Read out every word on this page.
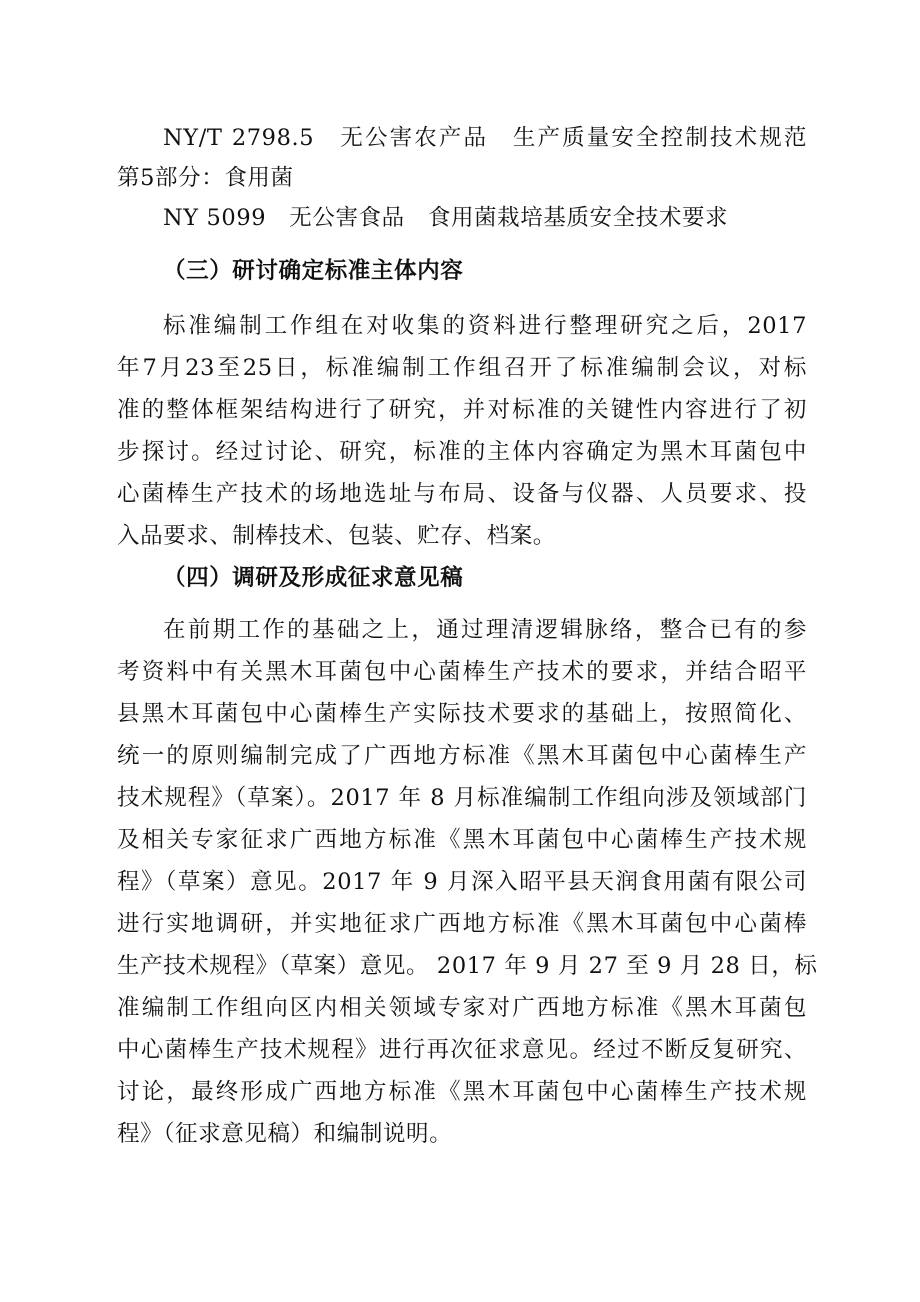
NY/T 2798.5　无公害农产品　生产质量安全控制技术规范
第5部分：食用菌
NY 5099　无公害食品　食用菌栽培基质安全技术要求
（三）研讨确定标准主体内容
标准编制工作组在对收集的资料进行整理研究之后，2017
年7月23至25日，标准编制工作组召开了标准编制会议，对标
准的整体框架结构进行了研究，并对标准的关键性内容进行了初
步探讨。经过讨论、研究，标准的主体内容确定为黑木耳菌包中
心菌棒生产技术的场地选址与布局、设备与仪器、人员要求、投
入品要求、制棒技术、包装、贮存、档案。
（四）调研及形成征求意见稿
在前期工作的基础之上，通过理清逻辑脉络，整合已有的参
考资料中有关黑木耳菌包中心菌棒生产技术的要求，并结合昭平
县黑木耳菌包中心菌棒生产实际技术要求的基础上，按照简化、
统一的原则编制完成了广西地方标准《黑木耳菌包中心菌棒生产
技术规程》（草案）。2017 年 8 月标准编制工作组向涉及领域部门
及相关专家征求广西地方标准《黑木耳菌包中心菌棒生产技术规
程》（草案）意见。2017 年 9 月深入昭平县天润食用菌有限公司
进行实地调研，并实地征求广西地方标准《黑木耳菌包中心菌棒
生产技术规程》（草案）意见。 2017 年 9 月 27 至 9 月 28 日，标
准编制工作组向区内相关领域专家对广西地方标准《黑木耳菌包
中心菌棒生产技术规程》进行再次征求意见。经过不断反复研究、
讨论，最终形成广西地方标准《黑木耳菌包中心菌棒生产技术规
程》（征求意见稿）和编制说明。
